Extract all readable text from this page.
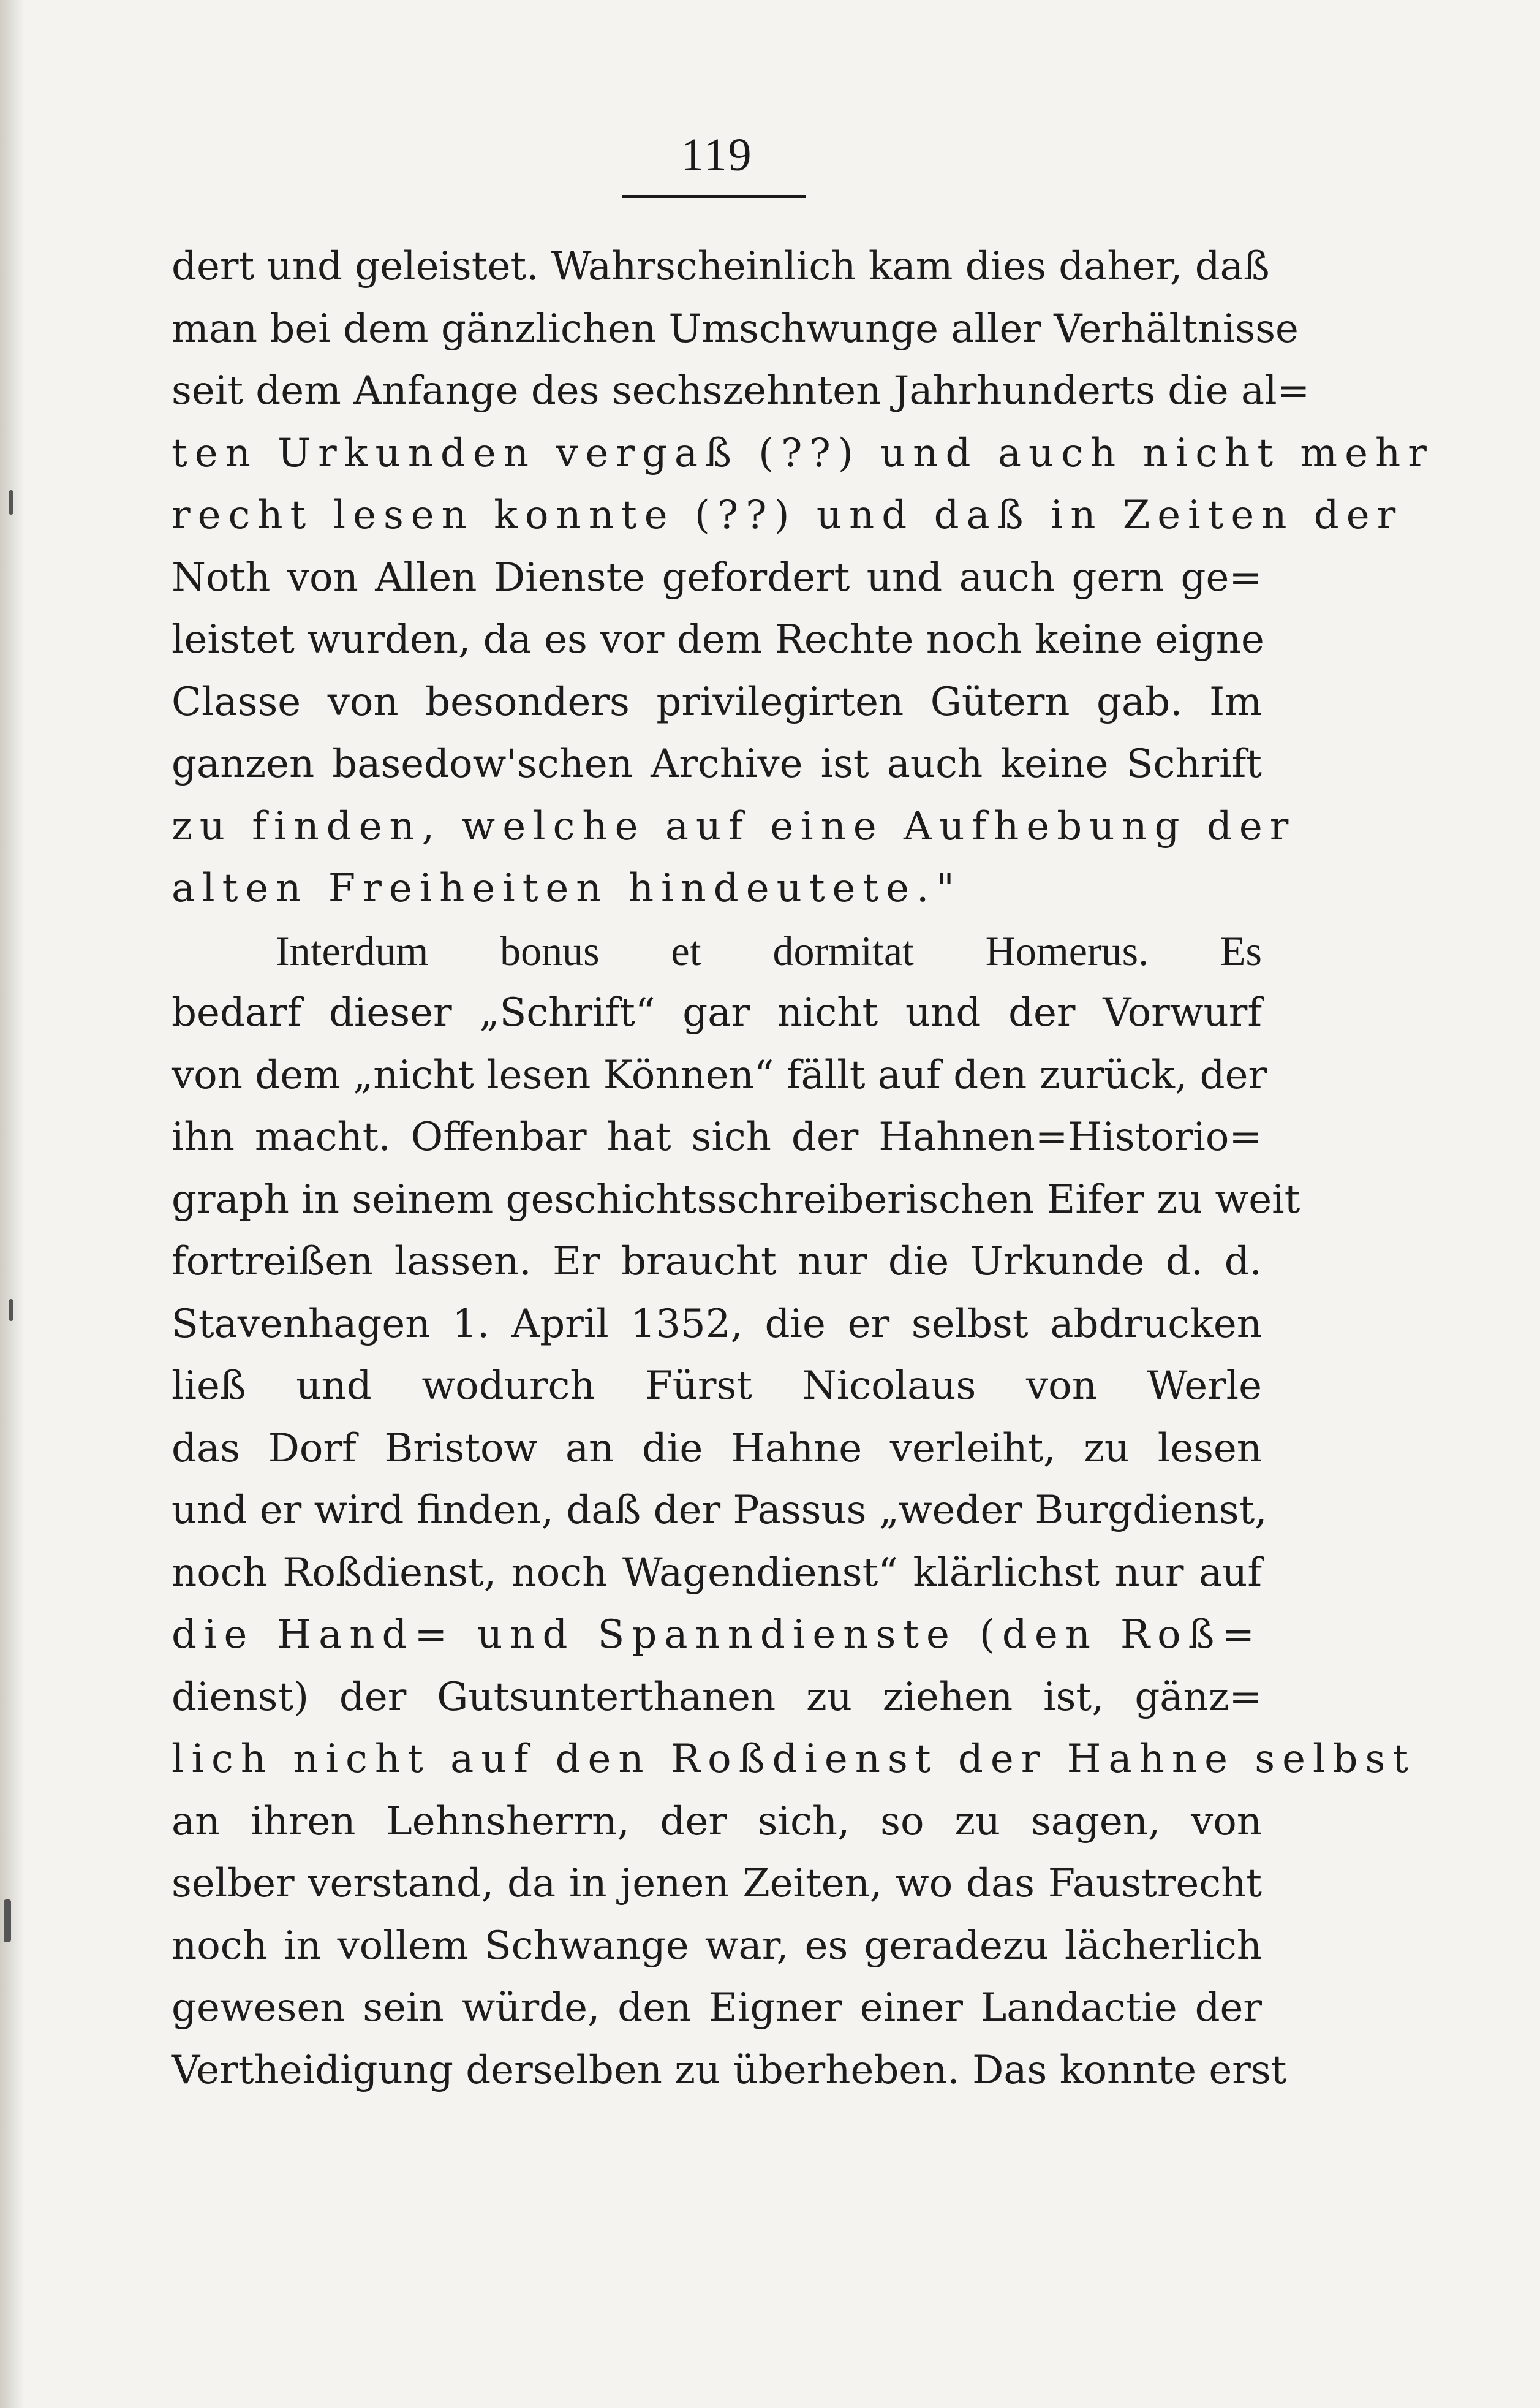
119
dert und geleistet. Wahrscheinlich kam dies daher, daß
man bei dem gänzlichen Umschwunge aller Verhältnisse
seit dem Anfange des sechszehnten Jahrhunderts die al=
ten Urkunden vergaß (??) und auch nicht mehr
recht lesen konnte (??) und daß in Zeiten der
Noth von Allen Dienste gefordert und auch gern ge=
leistet wurden, da es vor dem Rechte noch keine eigne
Classe von besonders privilegirten Gütern gab. Im
ganzen basedow'schen Archive ist auch keine Schrift
zu finden, welche auf eine Aufhebung der
alten Freiheiten hindeutete."
Interdum bonus et dormitat Homerus. Es
bedarf dieser „Schrift“ gar nicht und der Vorwurf
von dem „nicht lesen Können“ fällt auf den zurück, der
ihn macht. Offenbar hat sich der Hahnen=Historio=
graph in seinem geschichtsschreiberischen Eifer zu weit
fortreißen lassen. Er braucht nur die Urkunde d. d.
Stavenhagen 1. April 1352, die er selbst abdrucken
ließ und wodurch Fürst Nicolaus von Werle
das Dorf Bristow an die Hahne verleiht, zu lesen
und er wird finden, daß der Passus „weder Burgdienst,
noch Roßdienst, noch Wagendienst“ klärlichst nur auf
die Hand= und Spanndienste (den Roß=
dienst) der Gutsunterthanen zu ziehen ist, gänz=
lich nicht auf den Roßdienst der Hahne selbst
an ihren Lehnsherrn, der sich, so zu sagen, von
selber verstand, da in jenen Zeiten, wo das Faustrecht
noch in vollem Schwange war, es geradezu lächerlich
gewesen sein würde, den Eigner einer Landactie der
Vertheidigung derselben zu überheben. Das konnte erst
